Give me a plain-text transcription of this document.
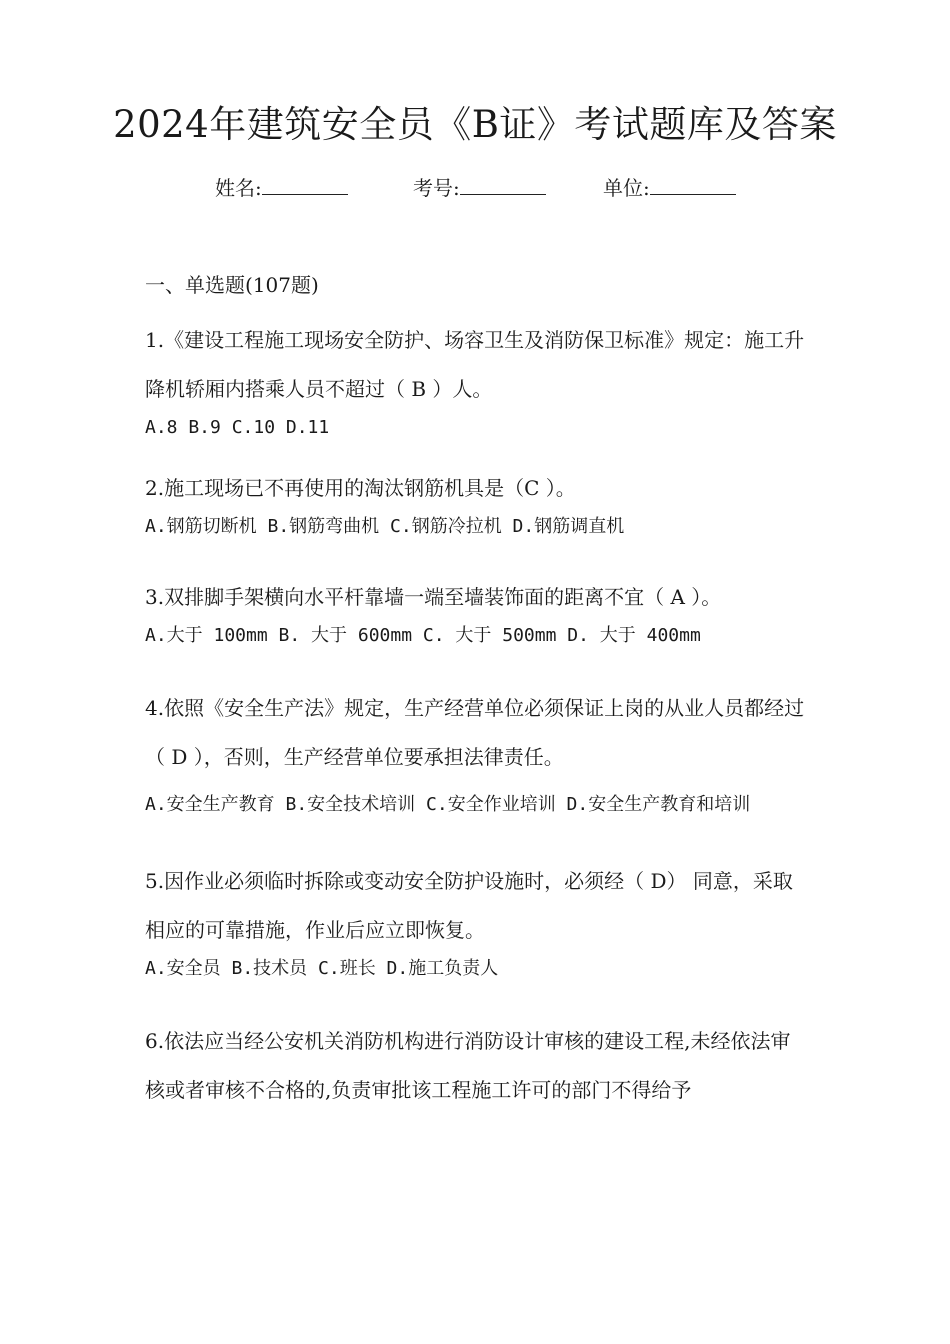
2024年建筑安全员《B证》考试题库及答案
姓名:	考号:	单位:

一、单选题(107题)

1.《建设工程施工现场安全防护、场容卫生及消防保卫标准》规定：施工升降机轿厢内搭乘人员不超过（ B ）人。

A.8 B.9 C.10 D.11

2.施工现场已不再使用的淘汰钢筋机具是（C ）。

A.钢筋切断机 B.钢筋弯曲机 C.钢筋冷拉机 D.钢筋调直机

3.双排脚手架横向水平杆靠墙一端至墙装饰面的距离不宜（ A ）。

A.大于 100mm B. 大于 600mm C. 大于 500mm D. 大于 400mm

4.依照《安全生产法》规定，生产经营单位必须保证上岗的从业人员都经过（ D ），否则，生产经营单位要承担法律责任。

A.安全生产教育 B.安全技术培训 C.安全作业培训 D.安全生产教育和培训

5.因作业必须临时拆除或变动安全防护设施时，必须经（ D） 同意，采取相应的可靠措施，作业后应立即恢复。

A.安全员 B.技术员 C.班长 D.施工负责人

6.依法应当经公安机关消防机构进行消防设计审核的建设工程,未经依法审核或者审核不合格的,负责审批该工程施工许可的部门不得给予
